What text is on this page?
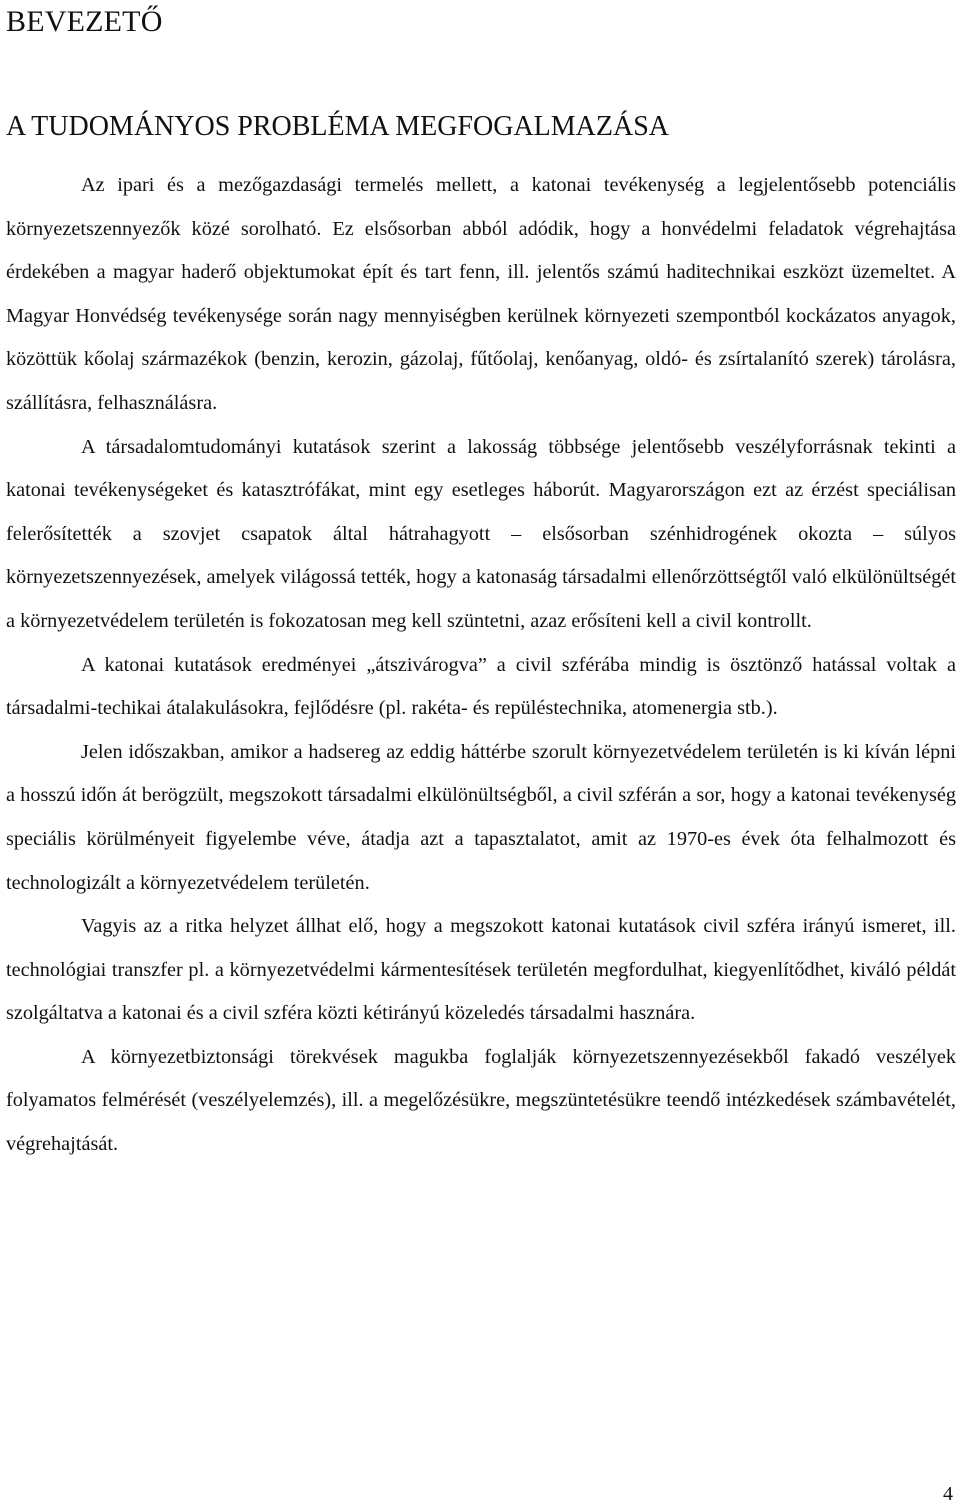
BEVEZETŐ
A TUDOMÁNYOS PROBLÉMA MEGFOGALMAZÁSA

Az ipari és a mezőgazdasági termelés mellett, a katonai tevékenység a legjelentősebb potenciális környezetszennyezők közé sorolható. Ez elsősorban abból adódik, hogy a honvédelmi feladatok végrehajtása érdekében a magyar haderő objektumokat épít és tart fenn, ill. jelentős számú haditechnikai eszközt üzemeltet. A Magyar Honvédség tevékenysége során nagy mennyiségben kerülnek környezeti szempontból kockázatos anyagok, közöttük kőolaj származékok (benzin, kerozin, gázolaj, fűtőolaj, kenőanyag, oldó- és zsírtalanító szerek) tárolásra, szállításra, felhasználásra.

A társadalomtudományi kutatások szerint a lakosság többsége jelentősebb veszélyforrásnak tekinti a katonai tevékenységeket és katasztrófákat, mint egy esetleges háborút. Magyarországon ezt az érzést speciálisan felerősítették a szovjet csapatok által hátrahagyott – elsősorban szénhidrogének okozta – súlyos környezetszennyezések, amelyek világossá tették, hogy a katonaság társadalmi ellenőrzöttségtől való elkülönültségét a környezetvédelem területén is fokozatosan meg kell szüntetni, azaz erősíteni kell a civil kontrollt.

A katonai kutatások eredményei „átszivárogva” a civil szférába mindig is ösztönző hatással voltak a társadalmi-techikai átalakulásokra, fejlődésre (pl. rakéta- és repüléstechnika, atomenergia stb.).

Jelen időszakban, amikor a hadsereg az eddig háttérbe szorult környezetvédelem területén is ki kíván lépni a hosszú időn át berögzült, megszokott társadalmi elkülönültségből, a civil szférán a sor, hogy a katonai tevékenység speciális körülményeit figyelembe véve, átadja azt a tapasztalatot, amit az 1970-es évek óta felhalmozott és technologizált a környezetvédelem területén.

Vagyis az a ritka helyzet állhat elő, hogy a megszokott katonai kutatások civil szféra irányú ismeret, ill. technológiai transzfer pl. a környezetvédelmi kármentesítések területén megfordulhat, kiegyenlítődhet, kiváló példát szolgáltatva a katonai és a civil szféra közti kétirányú közeledés társadalmi hasznára.

A környezetbiztonsági törekvések magukba foglalják környezetszennyezésekből fakadó veszélyek folyamatos felmérését (veszélyelemzés), ill. a megelőzésükre, megszüntetésükre teendő intézkedések számbavételét, végrehajtását.

4
